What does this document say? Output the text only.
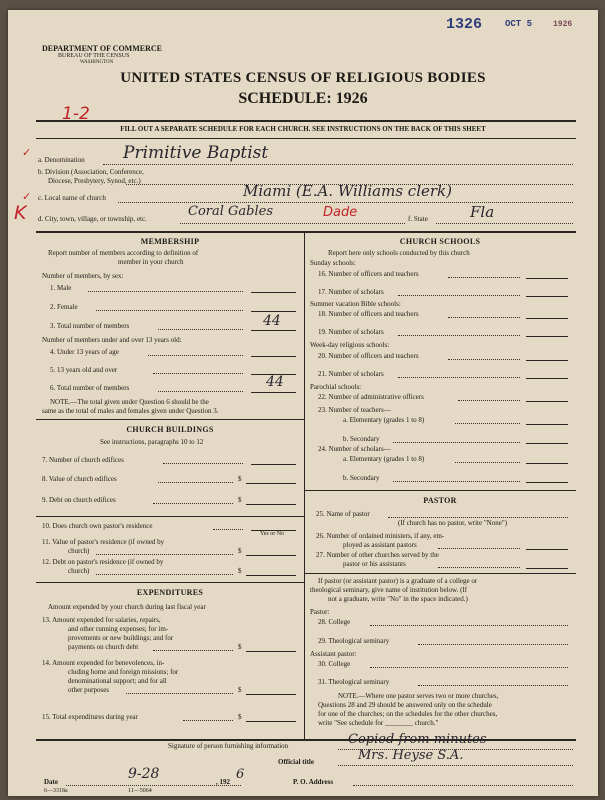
1326	OCT 5	1926
DEPARTMENT OF COMMERCE
BUREAU OF THE CENSUS
WASHINGTON
UNITED STATES CENSUS OF RELIGIOUS BODIES
SCHEDULE: 1926
1-2
FILL OUT A SEPARATE SCHEDULE FOR EACH CHURCH. SEE INSTRUCTIONS ON THE BACK OF THIS SHEET
✓
a. Denomination Primitive Baptist
b. Division (Association, Conference,
Diocese, Presbytery, Synod, etc.)
✓ c. Local name of church	Miami (E.A. Williams clerk)
K d. City, town, village, or township, etc.	Coral Gables	Dade	f. State	Fla
MEMBERSHIP
Report number of members according to definition of
member in your church
Number of members, by sex:
1. Male
2. Female
3. Total number of members	44
Number of members under and over 13 years old:
4. Under 13 years of age
5. 13 years old and over
6. Total number of members	44
NOTE.—The total given under Question 6 should be the
same as the total of males and females given under Question 3.
CHURCH BUILDINGS
See instructions, paragraphs 10 to 12
7. Number of church edifices
8. Value of church edifices	$
9. Debt on church edifices	$
10. Does church own pastor's residence
Yes or No
11. Value of pastor's residence (if owned by
church)	$
12. Debt on pastor's residence (if owned by
church)	$
EXPENDITURES
Amount expended by your church during last fiscal year
13. Amount expended for salaries, repairs,
and other running expenses; for im-
provements or new buildings; and for
payments on church debt	$
14. Amount expended for benevolences, in-
cluding home and foreign missions; for
denominational support; and for all
other purposes	$
15. Total expenditures during year	$
CHURCH SCHOOLS
Report here only schools conducted by this church
Sunday schools:
16. Number of officers and teachers
17. Number of scholars
Summer vacation Bible schools:
18. Number of officers and teachers
19. Number of scholars
Week-day religious schools:
20. Number of officers and teachers
21. Number of scholars
Parochial schools:
22. Number of administrative officers
23. Number of teachers—
a. Elementary (grades 1 to 8)
b. Secondary
24. Number of scholars—
a. Elementary (grades 1 to 8)
b. Secondary
PASTOR
25. Name of pastor
(If church has no pastor, write "None")
26. Number of ordained ministers, if any, em-
ployed as assistant pastors
27. Number of other churches served by the
pastor or his assistants
If pastor (or assistant pastor) is a graduate of a college or
theological seminary, give name of institution below. (If
not a graduate, write "No" in the space indicated.)
Pastor:
28. College
29. Theological seminary
Assistant pastor:
30. College
31. Theological seminary
NOTE.—Where one pastor serves two or more churches,
Questions 28 and 29 should be answered only on the schedule
for one of the churches; on the schedules for the other churches,
write "See schedule for ________ church."
Signature of person furnishing information	Copied from minutes
Official title	Mrs. Heyse S.A.
Date	9-28	, 192 6	P. O. Address
6—3318a	11—5064
